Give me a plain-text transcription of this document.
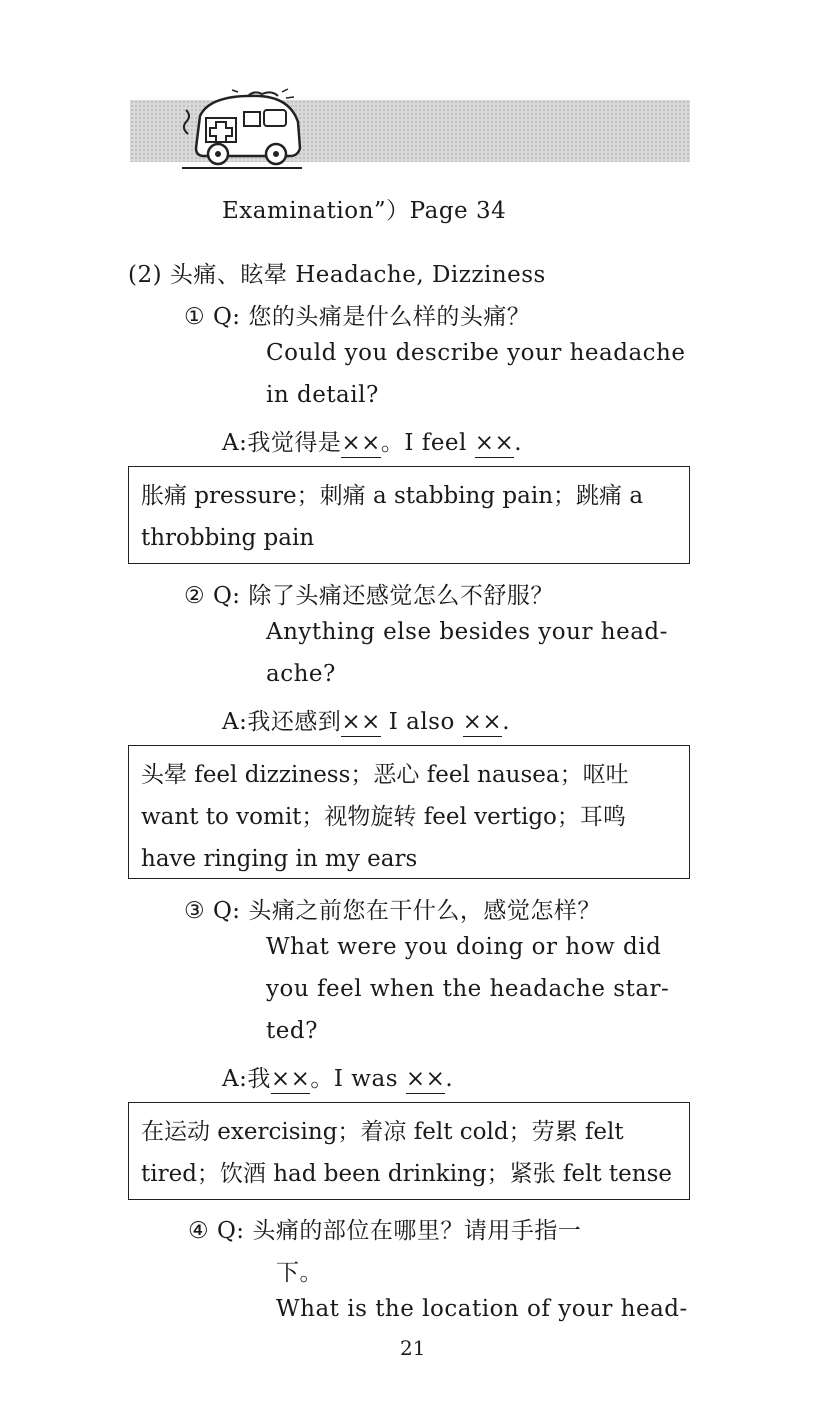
Examination”）Page 34
(2) 头痛、眩晕 Headache, Dizziness
① Q: 您的头痛是什么样的头痛？
Could you describe your headache
in detail?
A:我觉得是××。I feel ××.
胀痛 pressure；刺痛 a stabbing pain；跳痛 a
throbbing pain
② Q: 除了头痛还感觉怎么不舒服？
Anything else besides your head-
ache?
A:我还感到×× I also ××.
头晕 feel dizziness；恶心 feel nausea；呕吐
want to vomit；视物旋转 feel vertigo；耳鸣
have ringing in my ears
③ Q: 头痛之前您在干什么，感觉怎样？
What were you doing or how did
you feel when the headache star-
ted?
A:我××。I was ××.
在运动 exercising；着凉 felt cold；劳累 felt
tired；饮酒 had been drinking；紧张 felt tense
④ Q: 头痛的部位在哪里？请用手指一
下。
What is the location of your head-
21
